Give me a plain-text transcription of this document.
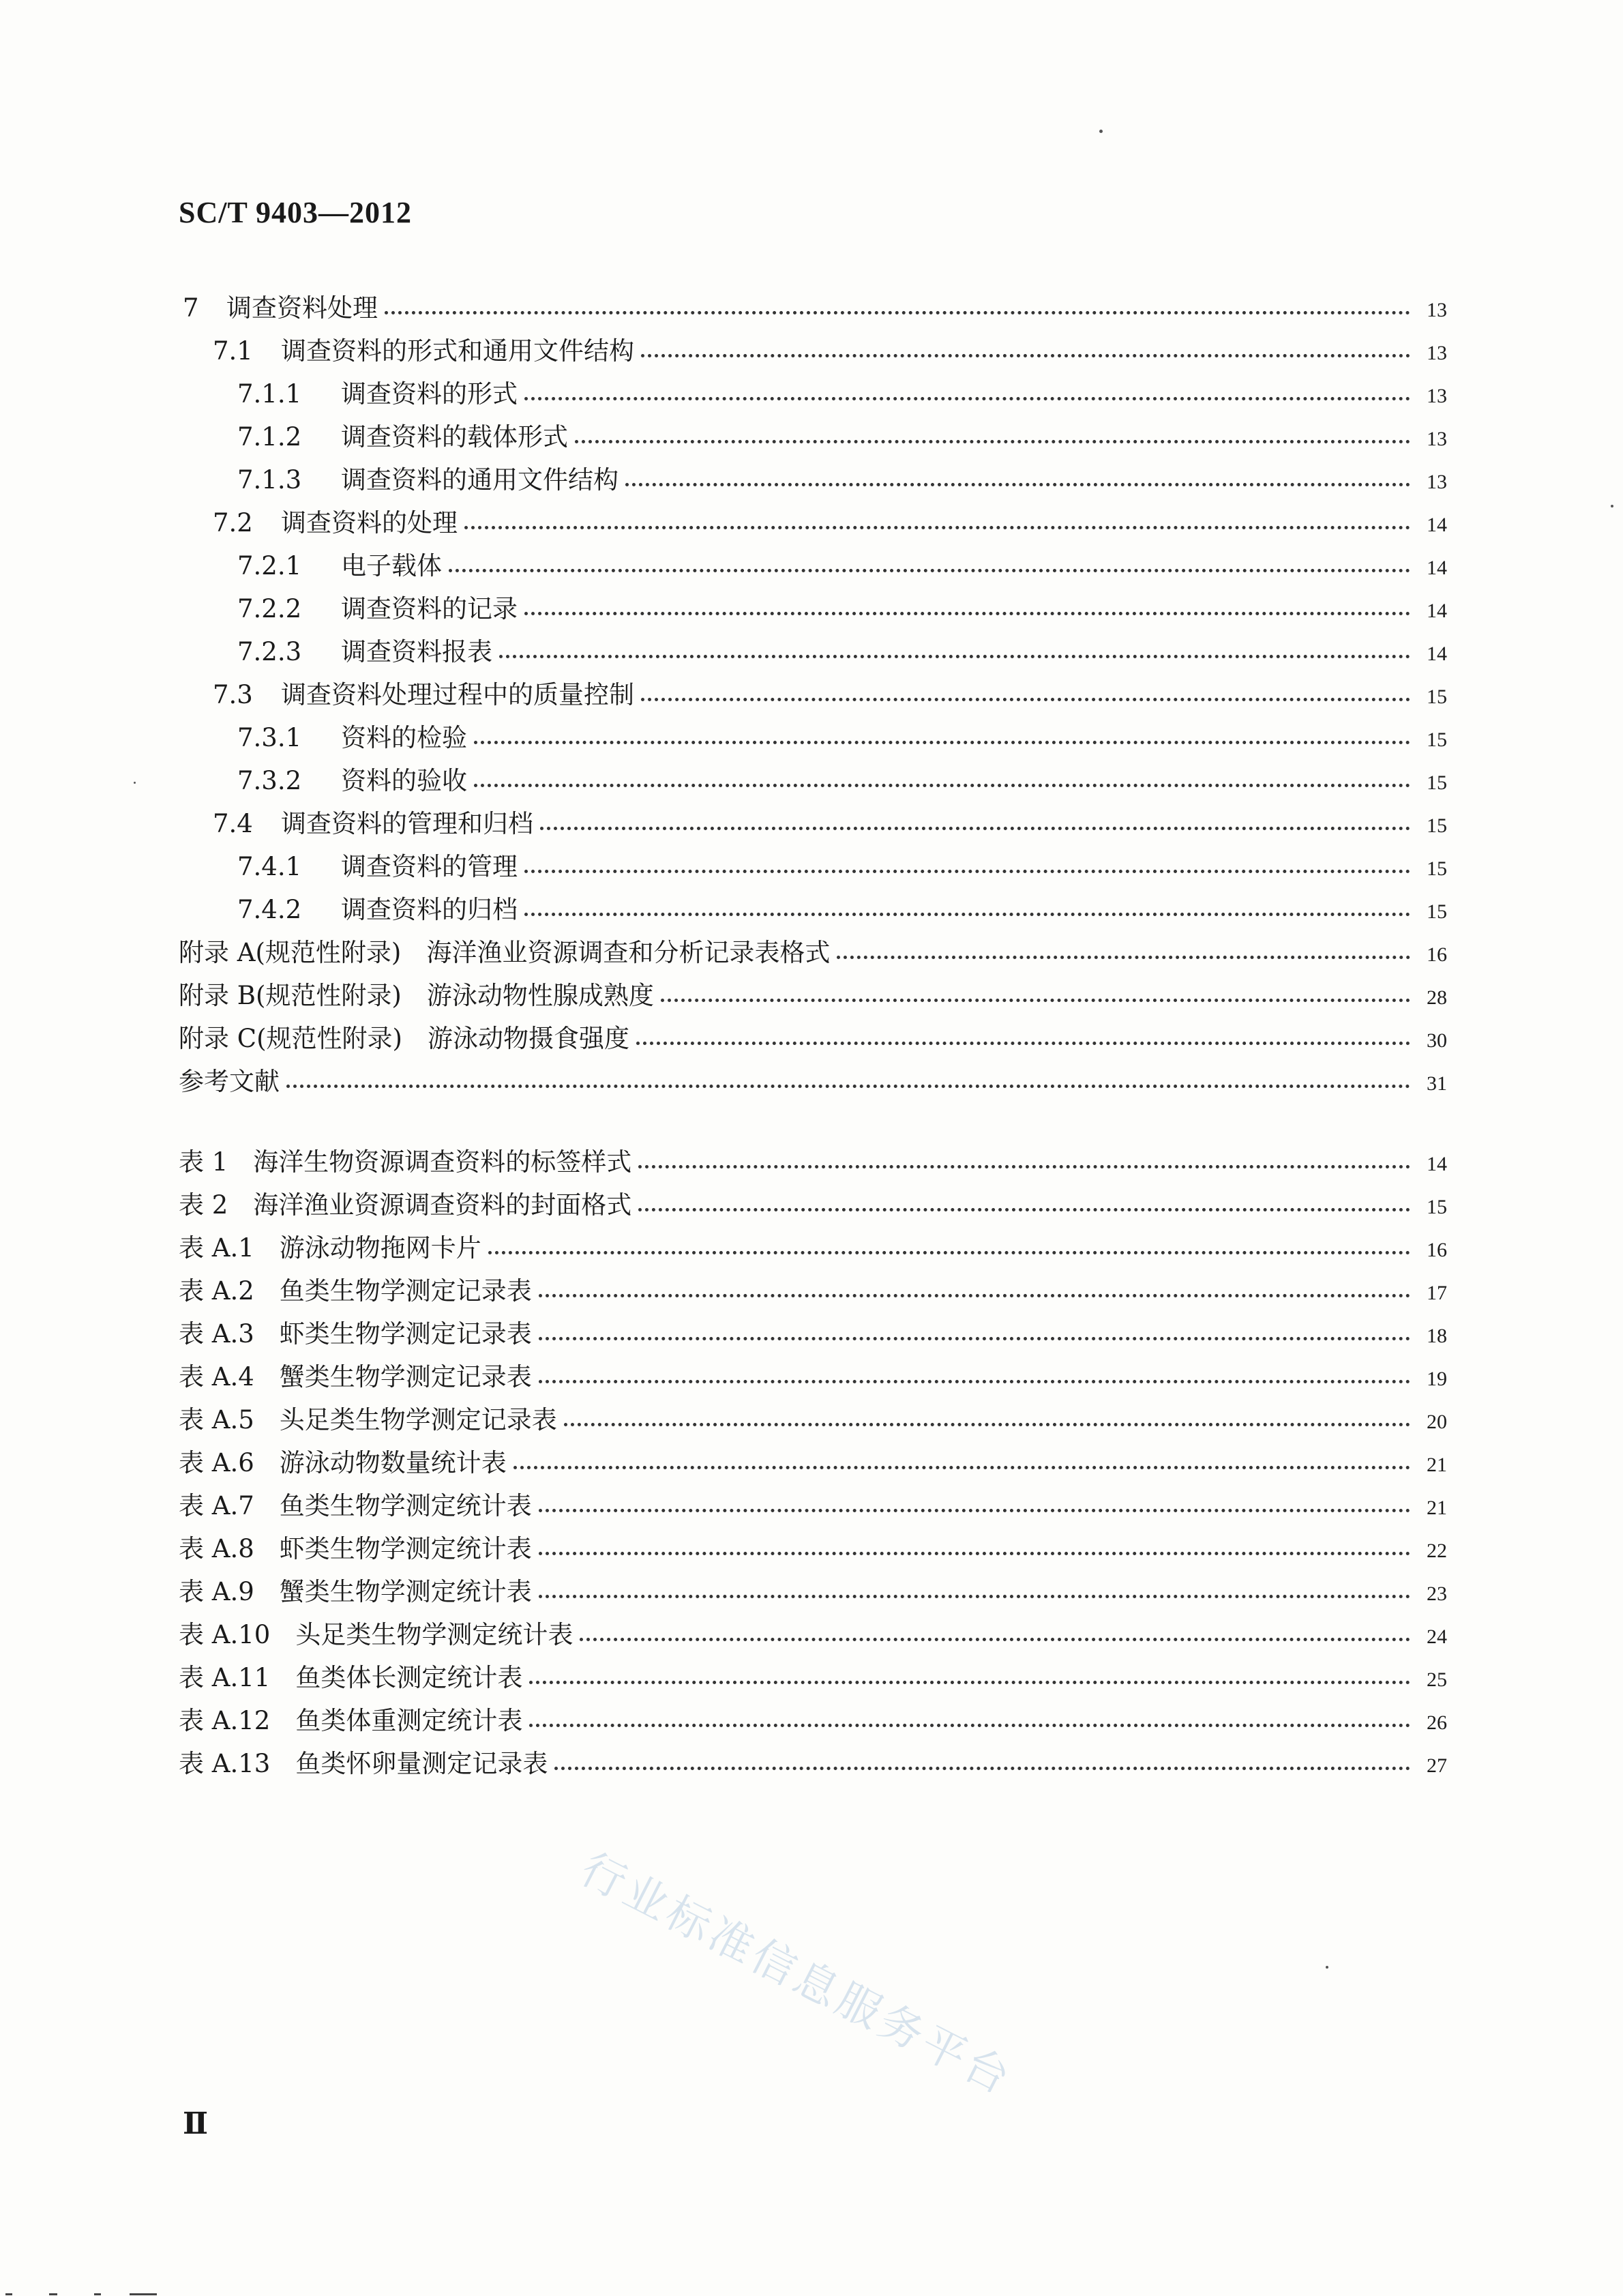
SC/T 9403—2012
7	调查资料处理	13
7.1	调查资料的形式和通用文件结构	13
7.1.1	调查资料的形式	13
7.1.2	调查资料的载体形式	13
7.1.3	调查资料的通用文件结构	13
7.2	调查资料的处理	14
7.2.1	电子载体	14
7.2.2	调查资料的记录	14
7.2.3	调查资料报表	14
7.3	调查资料处理过程中的质量控制	15
7.3.1	资料的检验	15
7.3.2	资料的验收	15
7.4	调查资料的管理和归档	15
7.4.1	调查资料的管理	15
7.4.2	调查资料的归档	15
附录 A(规范性附录)　海洋渔业资源调查和分析记录表格式	16
附录 B(规范性附录)　游泳动物性腺成熟度	28
附录 C(规范性附录)　游泳动物摄食强度	30
参考文献	31
表 1　海洋生物资源调查资料的标签样式	14
表 2　海洋渔业资源调查资料的封面格式	15
表 A.1　游泳动物拖网卡片	16
表 A.2　鱼类生物学测定记录表	17
表 A.3　虾类生物学测定记录表	18
表 A.4　蟹类生物学测定记录表	19
表 A.5　头足类生物学测定记录表	20
表 A.6　游泳动物数量统计表	21
表 A.7　鱼类生物学测定统计表	21
表 A.8　虾类生物学测定统计表	22
表 A.9　蟹类生物学测定统计表	23
表 A.10　头足类生物学测定统计表	24
表 A.11　鱼类体长测定统计表	25
表 A.12　鱼类体重测定统计表	26
表 A.13　鱼类怀卵量测定记录表	27
行业标准信息服务平台
Ⅱ
